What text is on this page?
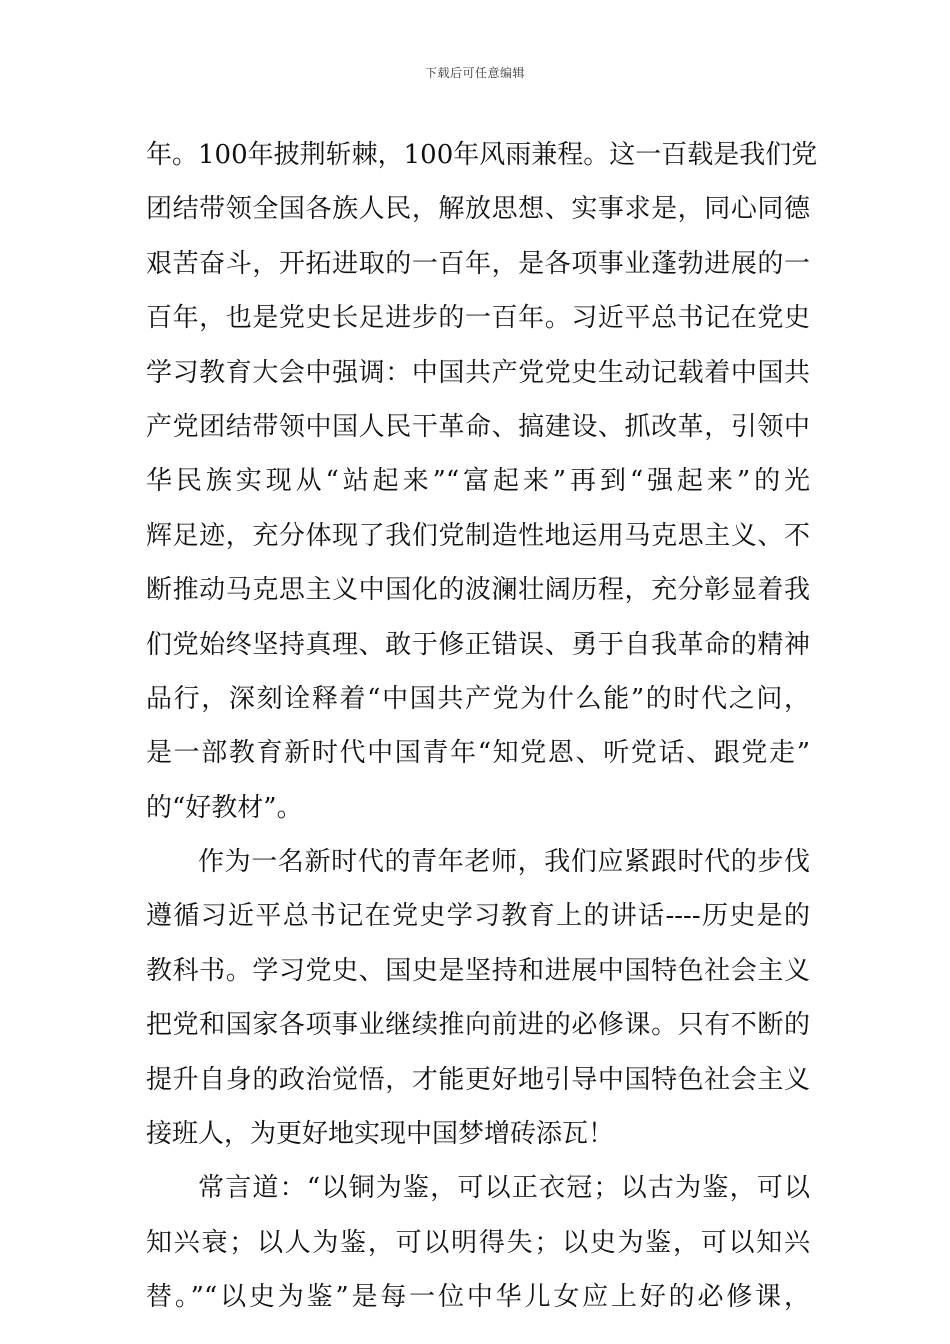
下载后可任意编辑
年。100年披荆斩棘，100年风雨兼程。这一百载是我们党
团结带领全国各族人民，解放思想、实事求是，同心同德
艰苦奋斗，开拓进取的一百年，是各项事业蓬勃进展的一
百年，也是党史长足进步的一百年。习近平总书记在党史
学习教育大会中强调：中国共产党党史生动记载着中国共
产党团结带领中国人民干革命、搞建设、抓改革，引领中
华民族实现从“站起来”“富起来”再到“强起来”的光
辉足迹，充分体现了我们党制造性地运用马克思主义、不
断推动马克思主义中国化的波澜壮阔历程，充分彰显着我
们党始终坚持真理、敢于修正错误、勇于自我革命的精神
品行，深刻诠释着“中国共产党为什么能”的时代之问，
是一部教育新时代中国青年“知党恩、听党话、跟党走”
的“好教材”。
作为一名新时代的青年老师，我们应紧跟时代的步伐
遵循习近平总书记在党史学习教育上的讲话----历史是的
教科书。学习党史、国史是坚持和进展中国特色社会主义
把党和国家各项事业继续推向前进的必修课。只有不断的
提升自身的政治觉悟，才能更好地引导中国特色社会主义
接班人，为更好地实现中国梦增砖添瓦！
常言道：“以铜为鉴，可以正衣冠；以古为鉴，可以
知兴衰；以人为鉴，可以明得失；以史为鉴，可以知兴
替。”“以史为鉴”是每一位中华儿女应上好的必修课，
